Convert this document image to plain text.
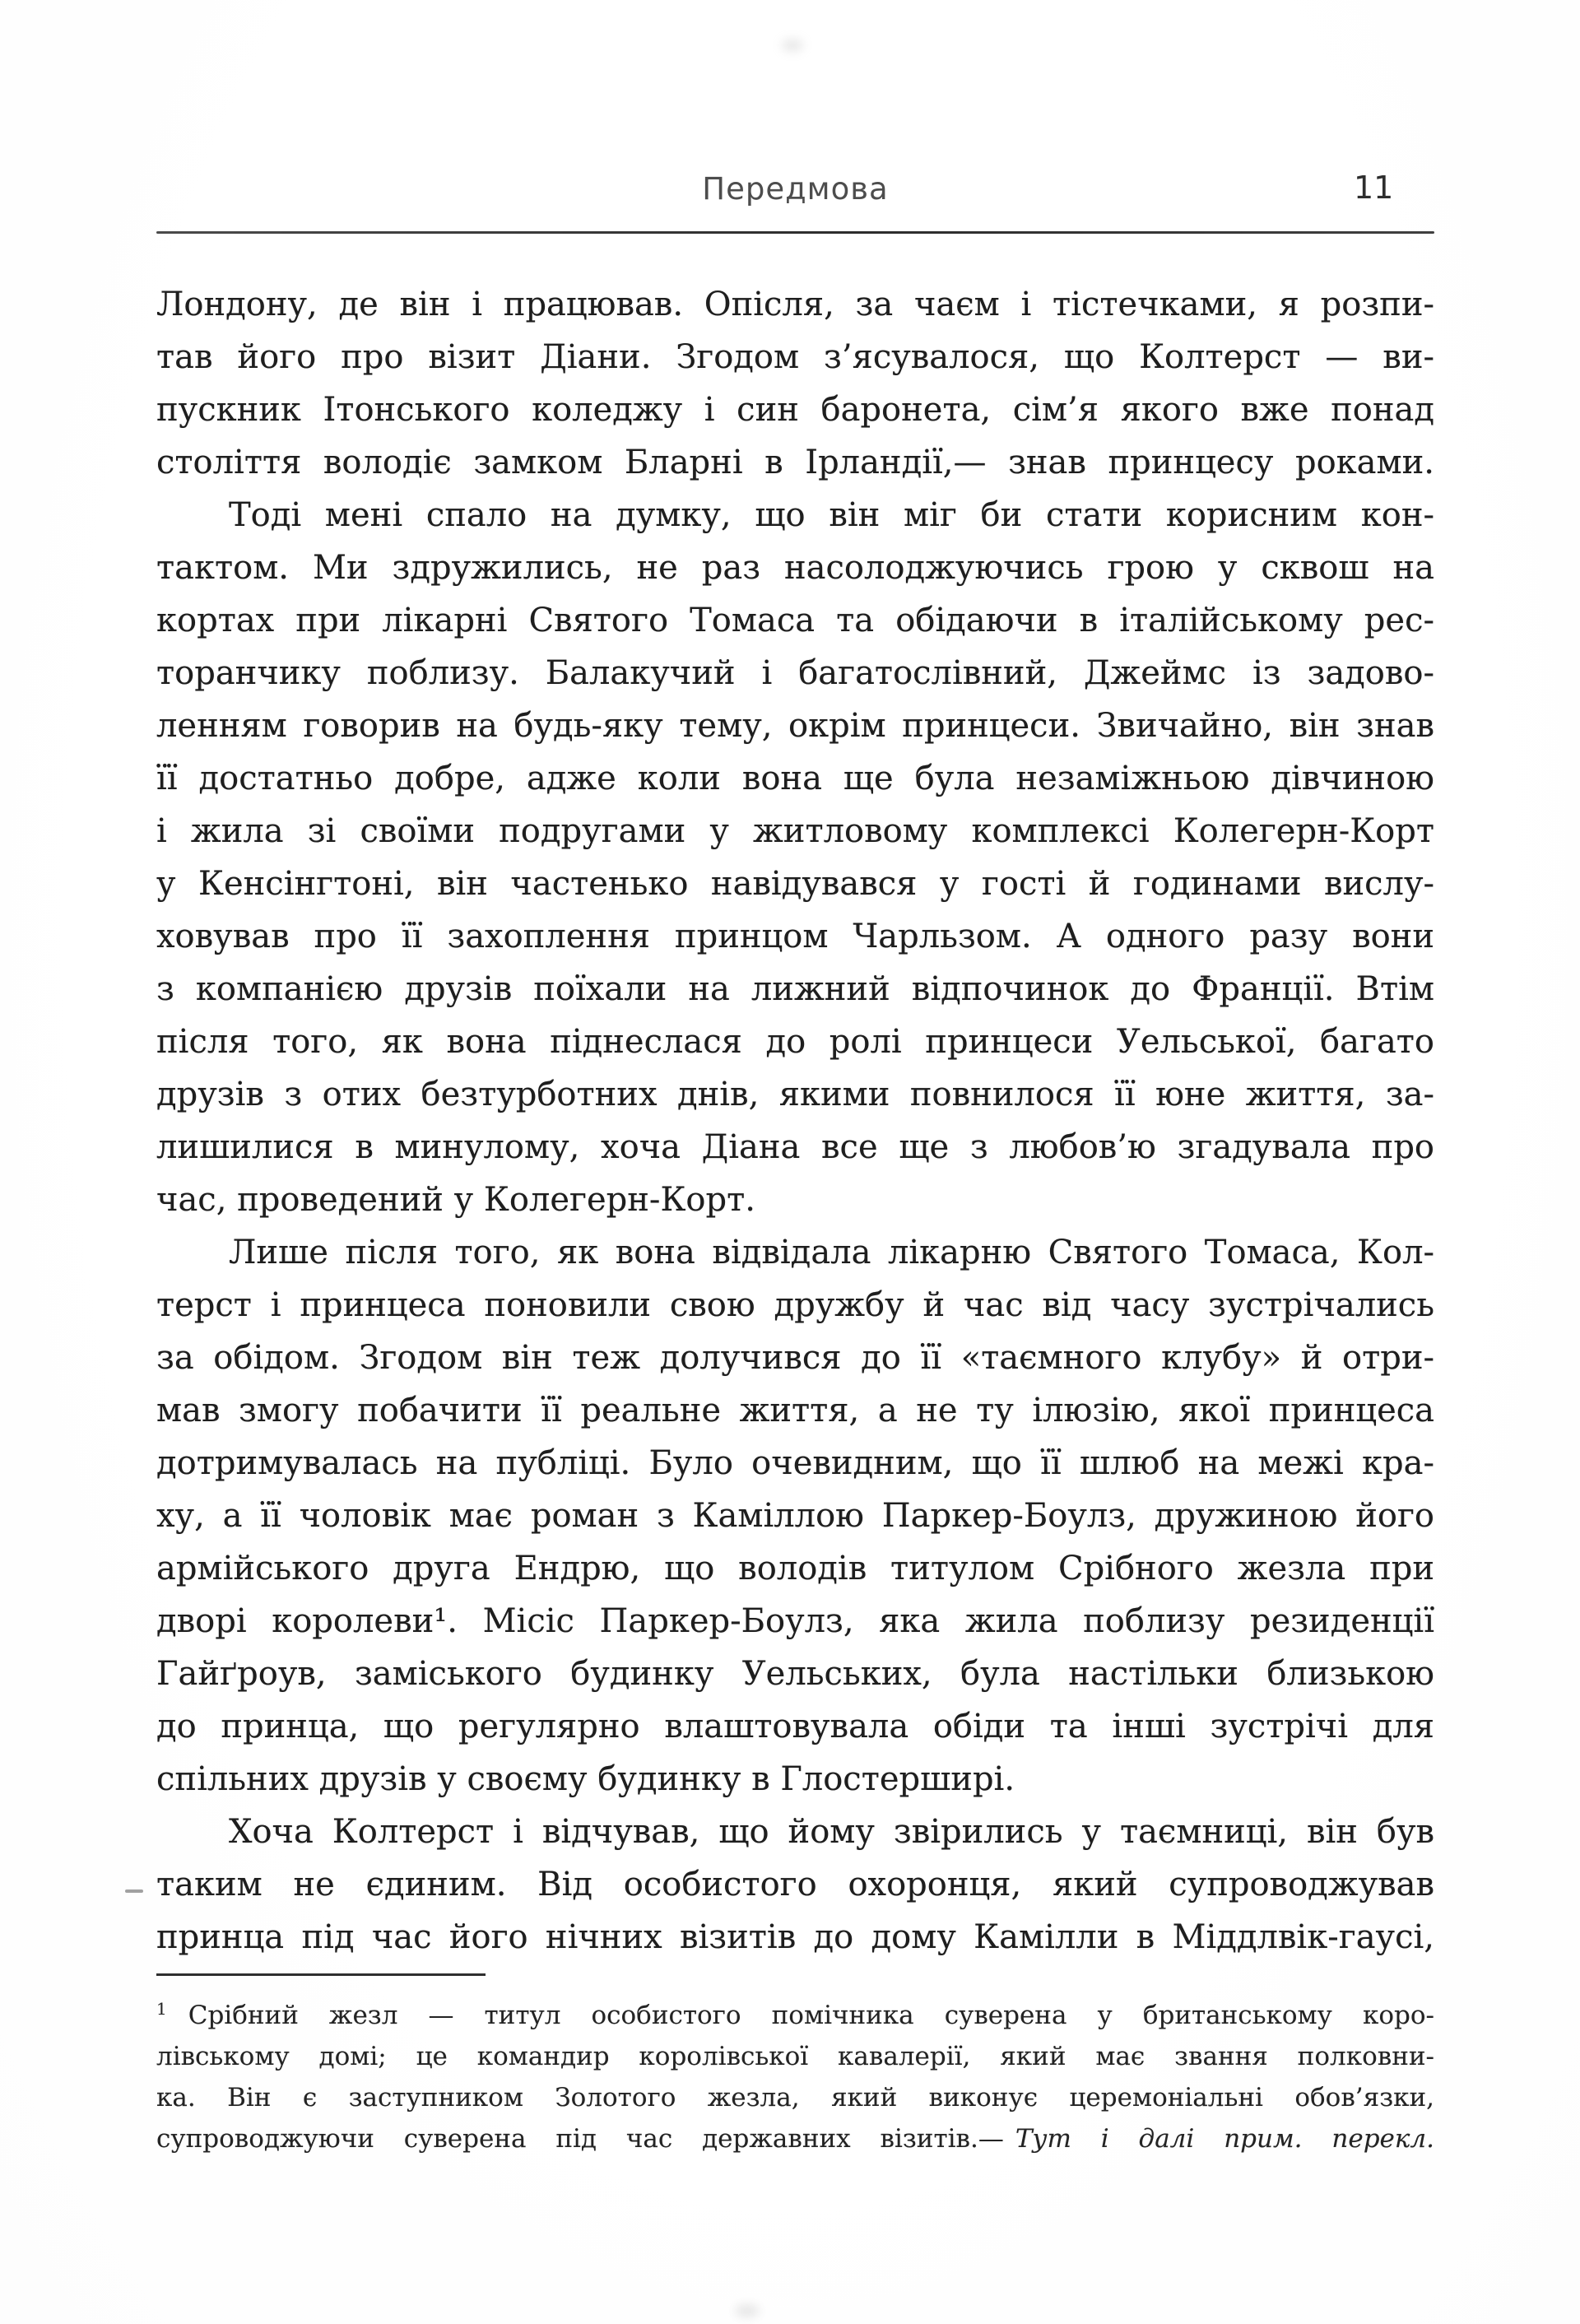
Передмова	11
Лондону, де він і працював. Опісля, за чаєм і тістечками, я розпи-
тав його про візит Діани. Згодом з’ясувалося, що Колтерст — ви-
пускник Ітонського коледжу і син баронета, сім’я якого вже понад
століття володіє замком Бларні в Ірландії,— знав принцесу роками.
Тоді мені спало на думку, що він міг би стати корисним кон-
тактом. Ми здружились, не раз насолоджуючись грою у сквош на
кортах при лікарні Святого Томаса та обідаючи в італійському рес-
торанчику поблизу. Балакучий і багатослівний, Джеймс із задово-
ленням говорив на будь-яку тему, окрім принцеси. Звичайно, він знав
її достатньо добре, адже коли вона ще була незаміжньою дівчиною
і жила зі своїми подругами у житловому комплексі Колегерн-Корт
у Кенсінгтоні, він частенько навідувався у гості й годинами вислу-
ховував про її захоплення принцом Чарльзом. А одного разу вони
з компанією друзів поїхали на лижний відпочинок до Франції. Втім
після того, як вона піднеслася до ролі принцеси Уельської, багато
друзів з отих безтурботних днів, якими повнилося її юне життя, за-
лишилися в минулому, хоча Діана все ще з любов’ю згадувала про
час, проведений у Колегерн-Корт.
Лише після того, як вона відвідала лікарню Святого Томаса, Кол-
терст і принцеса поновили свою дружбу й час від часу зустрічались
за обідом. Згодом він теж долучився до її «таємного клубу» й отри-
мав змогу побачити її реальне життя, а не ту ілюзію, якої принцеса
дотримувалась на публіці. Було очевидним, що її шлюб на межі кра-
ху, а її чоловік має роман з Каміллою Паркер-Боулз, дружиною його
армійського друга Ендрю, що володів титулом Срібного жезла при
дворі королеви¹. Місіс Паркер-Боулз, яка жила поблизу резиденції
Гайґроув, заміського будинку Уельських, була настільки близькою
до принца, що регулярно влаштовувала обіди та інші зустрічі для
спільних друзів у своєму будинку в Глостерширі.
Хоча Колтерст і відчував, що йому звірились у таємниці, він був
таким не єдиним. Від особистого охоронця, який супроводжував
принца під час його нічних візитів до дому Камілли в Міддлвік-гаусі,
$^1$ Срібний жезл — титул особистого помічника суверена у британському коро-
лівському домі; це командир королівської кавалерії, який має звання полковни-
ка. Він є заступником Золотого жезла, який виконує церемоніальні обов’язки,
супроводжуючи суверена під час державних візитів.— Тут і далі прим. перекл.
